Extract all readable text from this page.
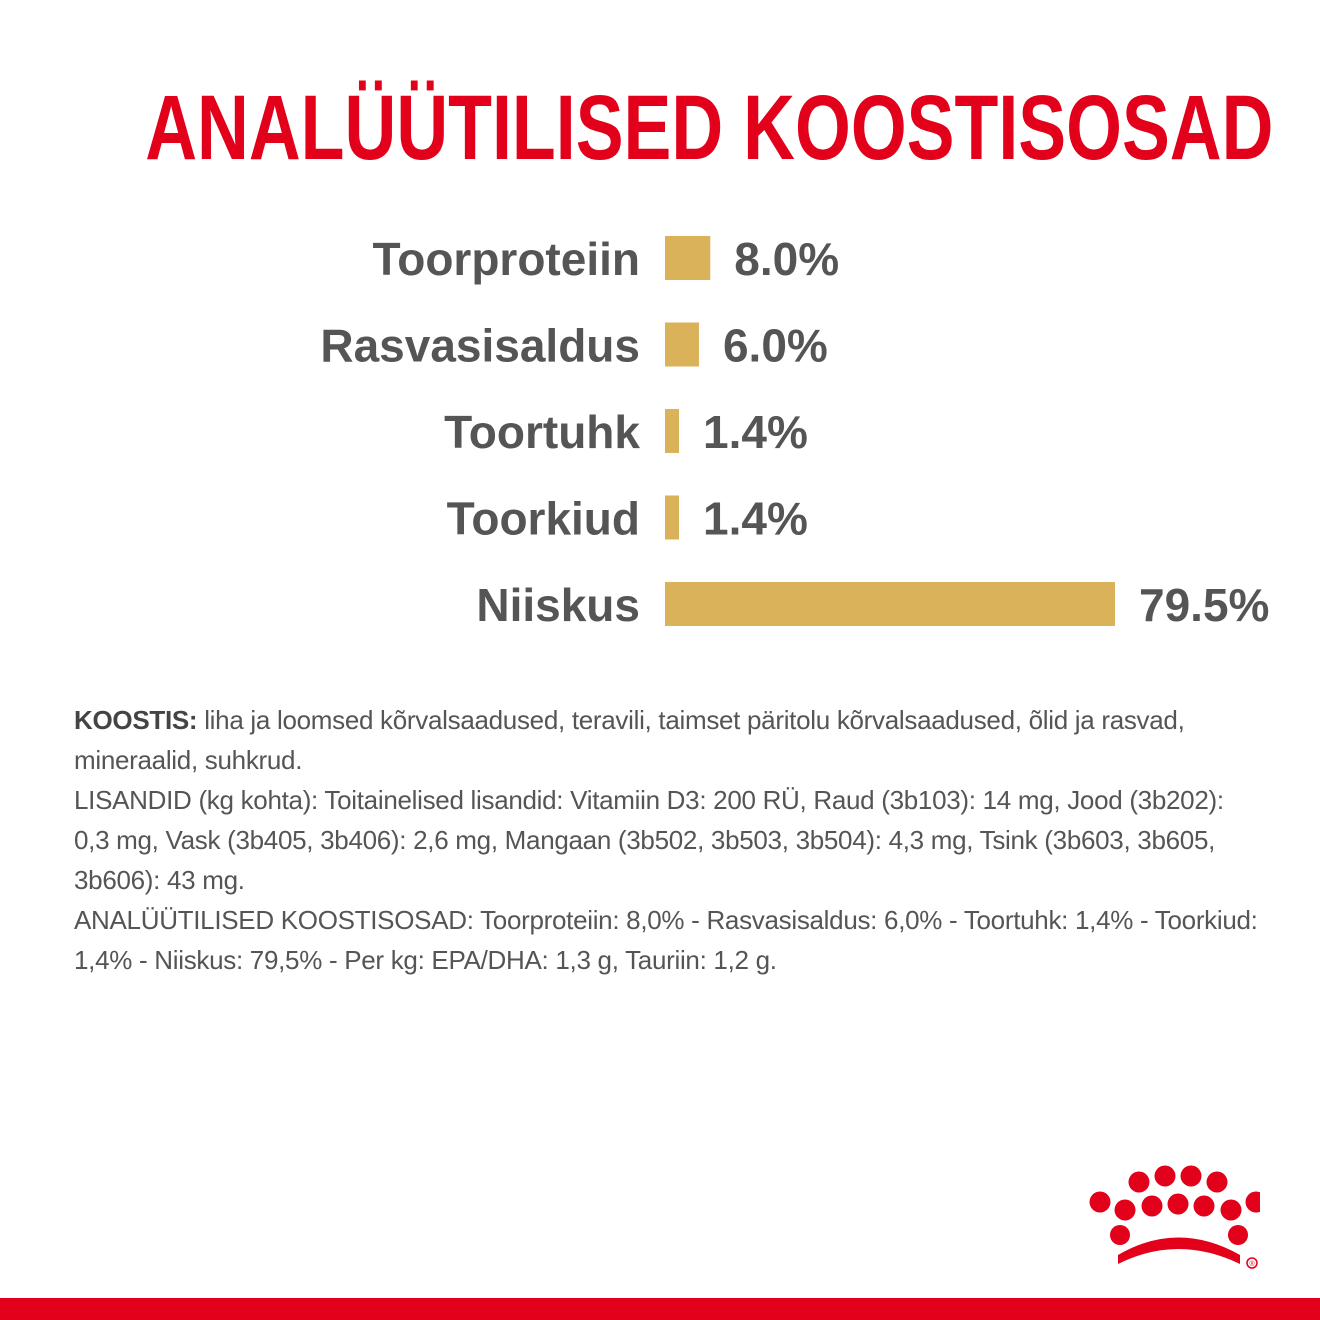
ANALÜÜTILISED KOOSTISOSAD
Toorproteiin 8.0%
Rasvasisaldus 6.0%
Toortuhk 1.4%
Toorkiud 1.4%
Niiskus	79.5%

KOOSTIS: liha ja loomsed kõrvalsaadused, teravili, taimset päritolu kõrvalsaadused, õlid ja rasvad, mineraalid, suhkrud.

LISANDID (kg kohta): Toitainelised lisandid: Vitamiin D3: 200 RÜ, Raud (3b103): 14 mg, Jood (3b202): 0,3 mg, Vask (3b405, 3b406): 2,6 mg, Mangaan (3b502, 3b503, 3b504): 4,3 mg, Tsink (3b603, 3b605, 3b606): 43 mg.

ANALÜÜTILISED KOOSTISOSAD: Toorproteiin: 8,0% - Rasvasisaldus: 6,0% - Toortuhk: 1,4% - Toorkiud: 1,4% - Niiskus: 79,5% - Per kg: EPA/DHA: 1,3 g, Tauriin: 1,2 g.

®
